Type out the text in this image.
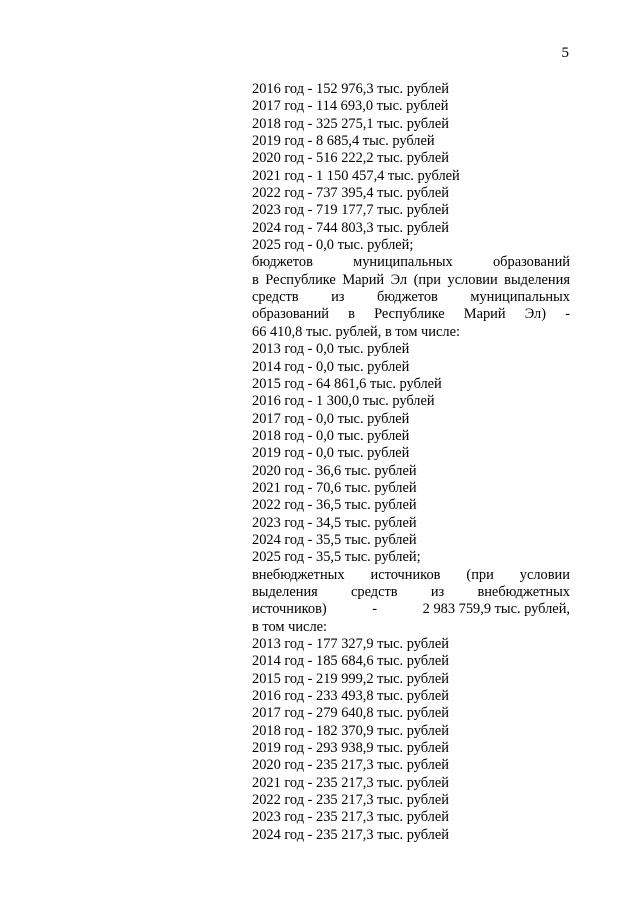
5
2016 год - 152 976,3 тыс. рублей
2017 год - 114 693,0 тыс. рублей
2018 год - 325 275,1 тыс. рублей
2019 год - 8 685,4 тыс. рублей
2020 год - 516 222,2 тыс. рублей
2021 год - 1 150 457,4 тыс. рублей
2022 год - 737 395,4 тыс. рублей
2023 год - 719 177,7 тыс. рублей
2024 год - 744 803,3 тыс. рублей
2025 год - 0,0 тыс. рублей;
бюджетов	муниципальных	образований
в Республике Марий Эл (при условии выделения
средств из бюджетов муниципальных
образований в Республике Марий Эл) -
66 410,8 тыс. рублей, в том числе:
2013 год - 0,0 тыс. рублей
2014 год - 0,0 тыс. рублей
2015 год - 64 861,6 тыс. рублей
2016 год - 1 300,0 тыс. рублей
2017 год - 0,0 тыс. рублей
2018 год - 0,0 тыс. рублей
2019 год - 0,0 тыс. рублей
2020 год - 36,6 тыс. рублей
2021 год - 70,6 тыс. рублей
2022 год - 36,5 тыс. рублей
2023 год - 34,5 тыс. рублей
2024 год - 35,5 тыс. рублей
2025 год - 35,5 тыс. рублей;
внебюджетных источников (при условии
выделения средств из внебюджетных
источников)	-	2 983 759,9 тыс. рублей,
в том числе:
2013 год - 177 327,9 тыс. рублей
2014 год - 185 684,6 тыс. рублей
2015 год - 219 999,2 тыс. рублей
2016 год - 233 493,8 тыс. рублей
2017 год - 279 640,8 тыс. рублей
2018 год - 182 370,9 тыс. рублей
2019 год - 293 938,9 тыс. рублей
2020 год - 235 217,3 тыс. рублей
2021 год - 235 217,3 тыс. рублей
2022 год - 235 217,3 тыс. рублей
2023 год - 235 217,3 тыс. рублей
2024 год - 235 217,3 тыс. рублей
